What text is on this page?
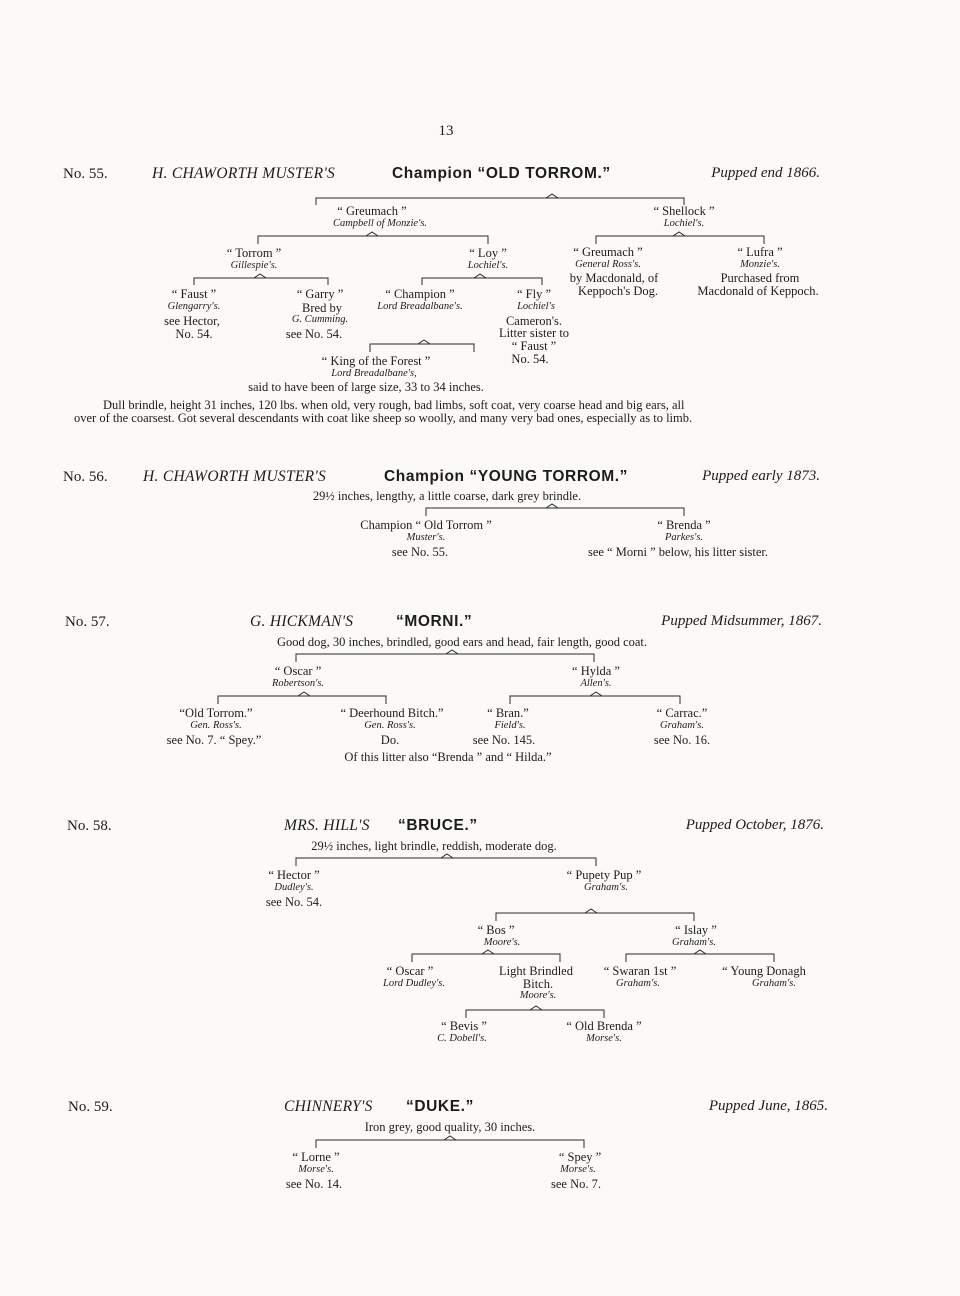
13
No. 55.	H. CHAWORTH MUSTER'S	Champion “OLD TORROM.”	Pupped end 1866.
“ Greumach ”
Campbell of Monzie's.
“ Shellock ”
Lochiel's.
“ Torrom ”
Gillespie's.
“ Loy ”
Lochiel's.
“ Greumach ”
General Ross's.
by Macdonald, of
Keppoch's Dog.
“ Lufra ”
Monzie's.
Purchased from
Macdonald of Keppoch.
“ Faust ”
Glengarry's.
see Hector,
No. 54.
“ Garry ”
Bred by
G. Cumming.
see No. 54.
“ Champion ”
Lord Breadalbane's.
“ Fly ”
Lochiel's
Cameron's.
Litter sister to
“ Faust ”
No. 54.
“ King of the Forest ”
Lord Breadalbane's,
said to have been of large size, 33 to 34 inches.
Dull brindle, height 31 inches, 120 lbs. when old, very rough, bad limbs, soft coat, very coarse head and big ears, all
over of the coarsest. Got several descendants with coat like sheep so woolly, and many very bad ones, especially as to limb.
No. 56. H. CHAWORTH MUSTER'S	Champion “YOUNG TORROM.”	Pupped early 1873.
29½ inches, lengthy, a little coarse, dark grey brindle.
Champion “ Old Torrom ”
Muster's.
see No. 55.
“ Brenda ”
Parkes's.
see “ Morni ” below, his litter sister.
No. 57.	G. HICKMAN'S	“MORNI.”	Pupped Midsummer, 1867.
Good dog, 30 inches, brindled, good ears and head, fair length, good coat.
“ Oscar ”
Robertson's.
“ Hylda ”
Allen's.
“Old Torrom.”
Gen. Ross's.
see No. 7. “ Spey.”
“ Deerhound Bitch.”
Gen. Ross's.
Do.
“ Bran.”
Field's.
see No. 145.
“ Carrac.”
Graham's.
see No. 16.
Of this litter also “Brenda ” and “ Hilda.”
No. 58.	MRS. HILL'S “BRUCE.”	Pupped October, 1876.
29½ inches, light brindle, reddish, moderate dog.
“ Hector ”
Dudley's.
see No. 54.
“ Pupety Pup ”
Graham's.
“ Bos ”
Moore's.
“ Islay ”
Graham's.
“ Oscar ”
Lord Dudley's.
Light Brindled
Bitch.
Moore's.
“ Swaran 1st ”
Graham's.
“ Young Donagh
Graham's.
“ Bevis ”
C. Dobell's.
“ Old Brenda ”
Morse's.
No. 59.	CHINNERY'S “DUKE.”	Pupped June, 1865.
Iron grey, good quality, 30 inches.
“ Lorne ”
Morse's.
see No. 14.
“ Spey ”
Morse's.
see No. 7.
